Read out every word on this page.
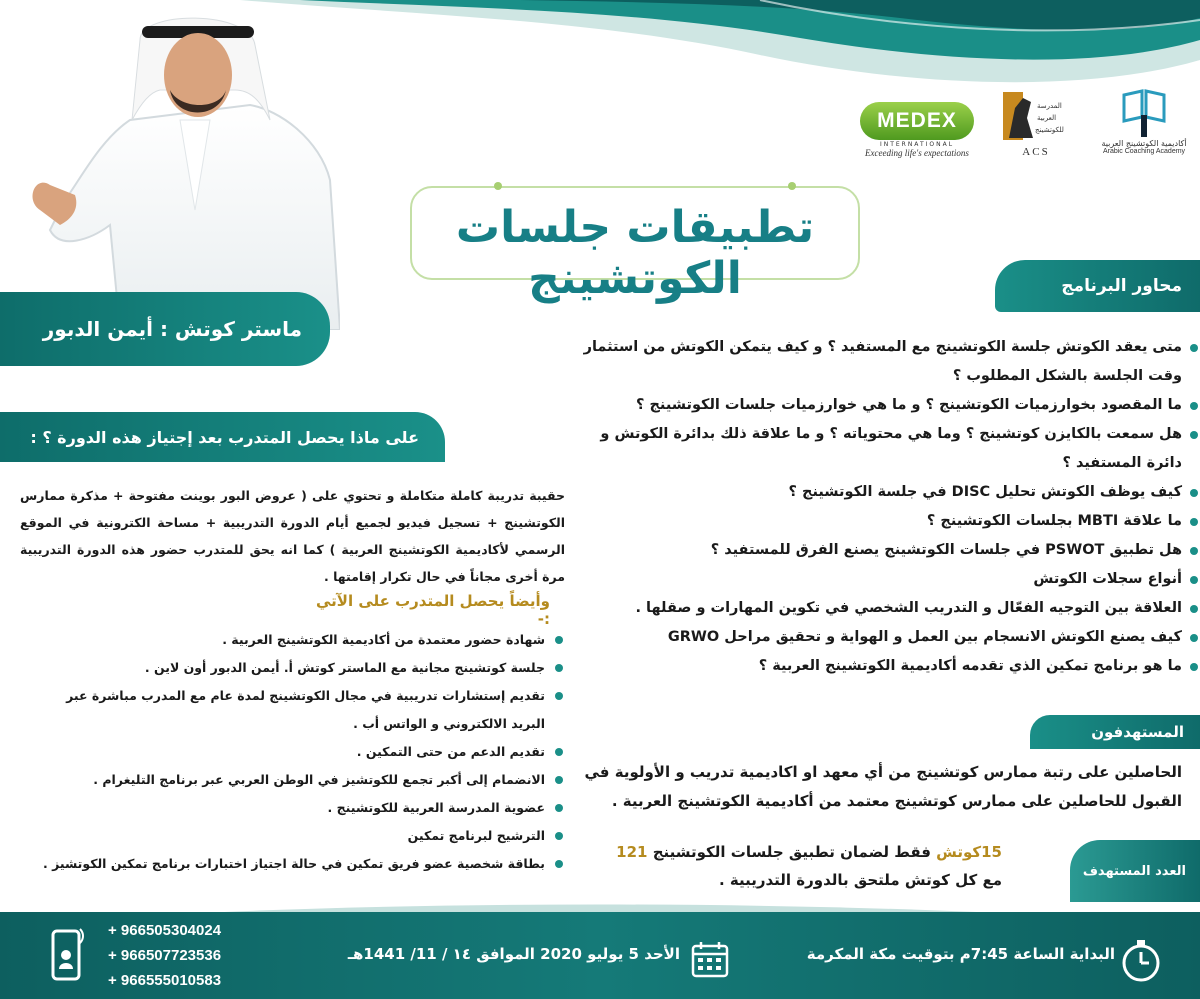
MEDEX
INTERNATIONAL
Exceeding life's expectations
المدرسة
العربية
للكوتشينج
ACS
أكاديمية الكوتشينج العربية
Arabic Coaching Academy
تطبيقات جلسات الكوتشينج
ماستر كوتش : أيمن الدبور
محاور البرنامج
متى يعقد الكوتش جلسة الكوتشينج مع المستفيد ؟ و كيف يتمكن الكوتش من استثمار وقت الجلسة بالشكل المطلوب ؟
ما المقصود بخوارزميات الكوتشينج ؟ و ما هي خوارزميات جلسات الكوتشينج ؟
هل سمعت بالكايزن كوتشينج ؟ وما هي محتوياته ؟ و ما علاقة ذلك بدائرة الكوتش و دائرة المستفيد ؟
كيف يوظف الكوتش تحليل DISC في جلسة الكوتشينج ؟
ما علاقة MBTI بجلسات الكوتشينج ؟
هل تطبيق PSWOT في جلسات الكوتشينج يصنع الفرق للمستفيد ؟
أنواع سجلات الكوتش
العلاقة بين التوجيه الفعّال و التدريب الشخصي في تكوين المهارات و صقلها .
كيف يصنع الكوتش الانسجام بين العمل و الهواية و تحقيق مراحل GRWO
ما هو برنامج تمكين الذي تقدمه أكاديمية الكوتشينج العربية ؟
المستهدفون
الحاصلين على رتبة ممارس كوتشينج من أي معهد او اكاديمية تدريب و الأولوية في القبول للحاصلين على ممارس كوتشينج معتمد من أكاديمية الكوتشينج العربية .
العدد المستهدف
15كوتش فقط لضمان تطبيق جلسات الكوتشينج 121
مع كل كوتش ملتحق بالدورة التدريبية .
على ماذا يحصل المتدرب بعد إجتياز هذه الدورة ؟ :
حقيبة تدريبة كاملة متكاملة و تحتوي على ( عروض البور بوينت مفتوحة + مذكرة ممارس الكوتشينج + تسجيل فيديو لجميع أيام الدورة التدريبية + مساحة الكترونية في الموقع الرسمي لأكاديمية الكوتشينج العربية ) كما انه يحق للمتدرب حضور هذه الدورة التدريبية مرة أخرى مجاناً في حال تكرار إقامتها .
وأيضاً يحصل المتدرب على الآتي :-
شهادة حضور معتمدة من أكاديمية الكوتشينج العربية .
جلسة كوتشينج مجانية مع الماستر كوتش أ. أيمن الدبور أون لاين .
تقديم إستشارات تدريبية في مجال الكوتشينج لمدة عام مع المدرب مباشرة عبر البريد الالكتروني و الواتس أب .
تقديم الدعم من حتى التمكين .
الانضمام إلى أكبر تجمع للكوتشيز في الوطن العربي عبر برنامج التليغرام .
عضوية المدرسة العربية للكوتشينج .
الترشيح لبرنامج تمكين
بطاقة شخصية عضو فريق تمكين في حالة اجتياز اختبارات برنامج تمكين الكوتشيز .
+ 966505304024
+ 966507723536
+ 966555010583
الأحد 5 يوليو 2020 الموافق ١٤ / 11/ 1441هـ	البداية الساعة 7:45م بتوقيت مكة المكرمة
